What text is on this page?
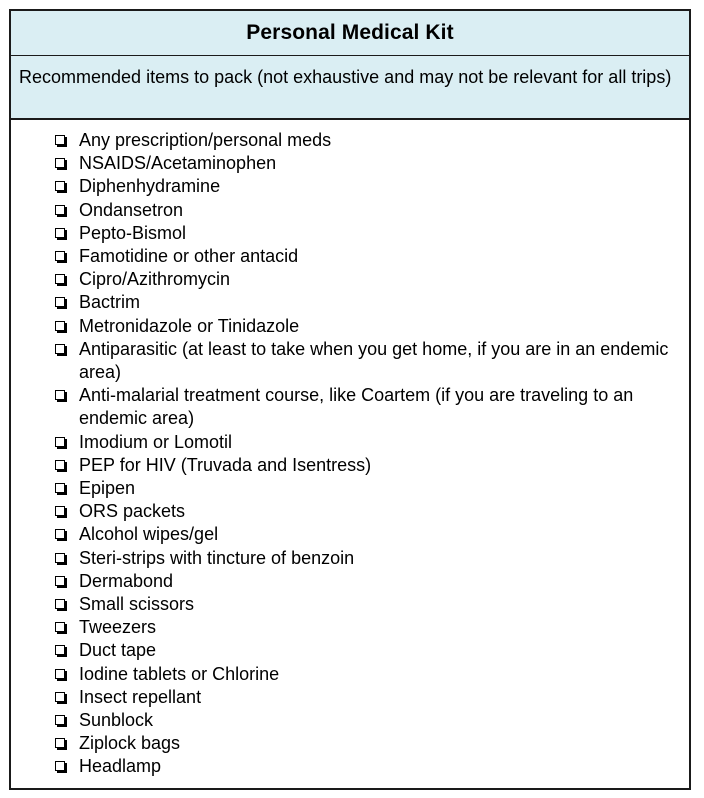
Personal Medical Kit
Recommended items to pack (not exhaustive and may not be relevant for all trips)
Any prescription/personal meds
NSAIDS/Acetaminophen
Diphenhydramine
Ondansetron
Pepto-Bismol
Famotidine or other antacid
Cipro/Azithromycin
Bactrim
Metronidazole or Tinidazole
Antiparasitic (at least to take when you get home, if you are in an endemic area)
Anti-malarial treatment course, like Coartem (if you are traveling to an endemic area)
Imodium or Lomotil
PEP for HIV (Truvada and Isentress)
Epipen
ORS packets
Alcohol wipes/gel
Steri-strips with tincture of benzoin
Dermabond
Small scissors
Tweezers
Duct tape
Iodine tablets or Chlorine
Insect repellant
Sunblock
Ziplock bags
Headlamp
